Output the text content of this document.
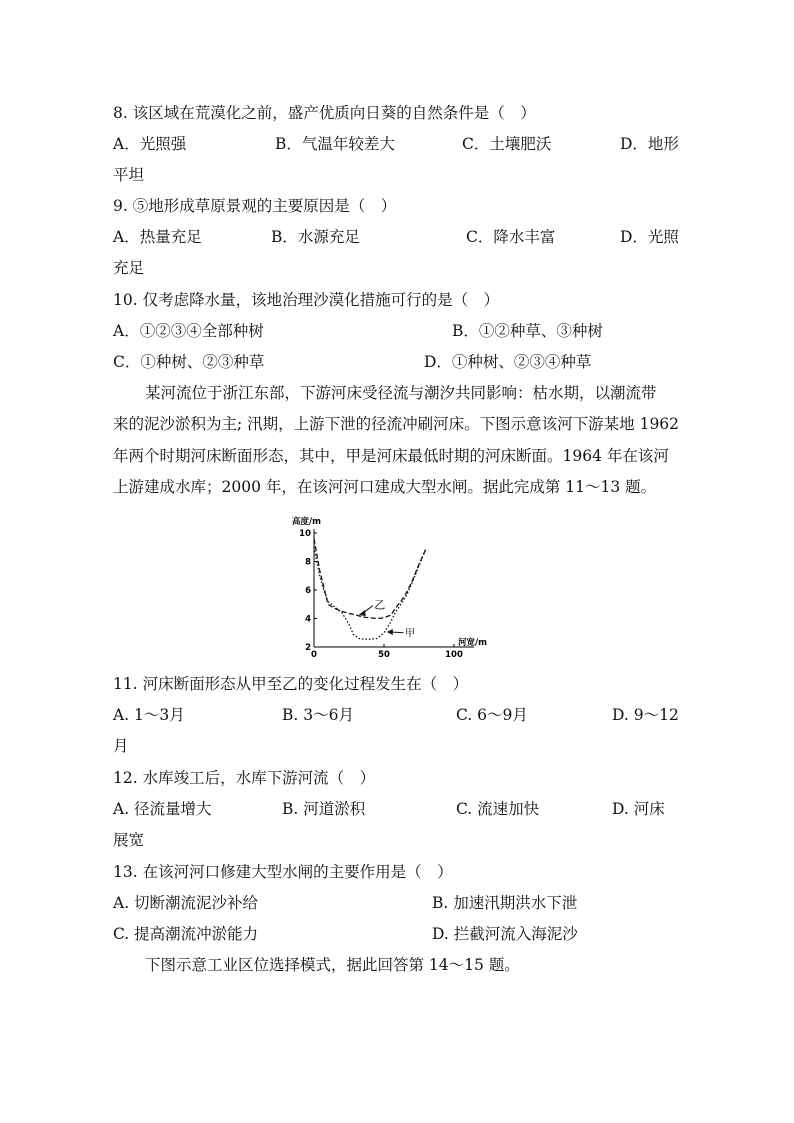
8. 该区域在荒漠化之前，盛产优质向日葵的自然条件是（　）
A．光照强	B．气温年较差大	C．土壤肥沃	D．地形
平坦
9. ⑤地形成草原景观的主要原因是（　）
A．热量充足	B．水源充足	C．降水丰富	D．光照
充足
10. 仅考虑降水量，该地治理沙漠化措施可行的是（　）
A．①②③④全部种树	B．①②种草、③种树
C．①种树、②③种草	D．①种树、②③④种草
某河流位于浙江东部，下游河床受径流与潮汐共同影响：枯水期，以潮流带
来的泥沙淤积为主; 汛期，上游下泄的径流冲刷河床。下图示意该河下游某地 1962
年两个时期河床断面形态，其中，甲是河床最低时期的河床断面。1964 年在该河
上游建成水库；2000 年，在该河河口建成大型水闸。据此完成第 11～13 题。
2
4
6
8
10
0	50	100
高度/m
河宽/m
乙
甲
11. 河床断面形态从甲至乙的变化过程发生在（　）
A. 1～3月	B. 3～6月	C. 6～9月	D. 9～12
月
12. 水库竣工后，水库下游河流（　）
A. 径流量增大	B. 河道淤积	C. 流速加快	D. 河床
展宽
13. 在该河河口修建大型水闸的主要作用是（　）
A. 切断潮流泥沙补给	B. 加速汛期洪水下泄
C. 提高潮流冲淤能力	D. 拦截河流入海泥沙
下图示意工业区位选择模式，据此回答第 14～15 题。
